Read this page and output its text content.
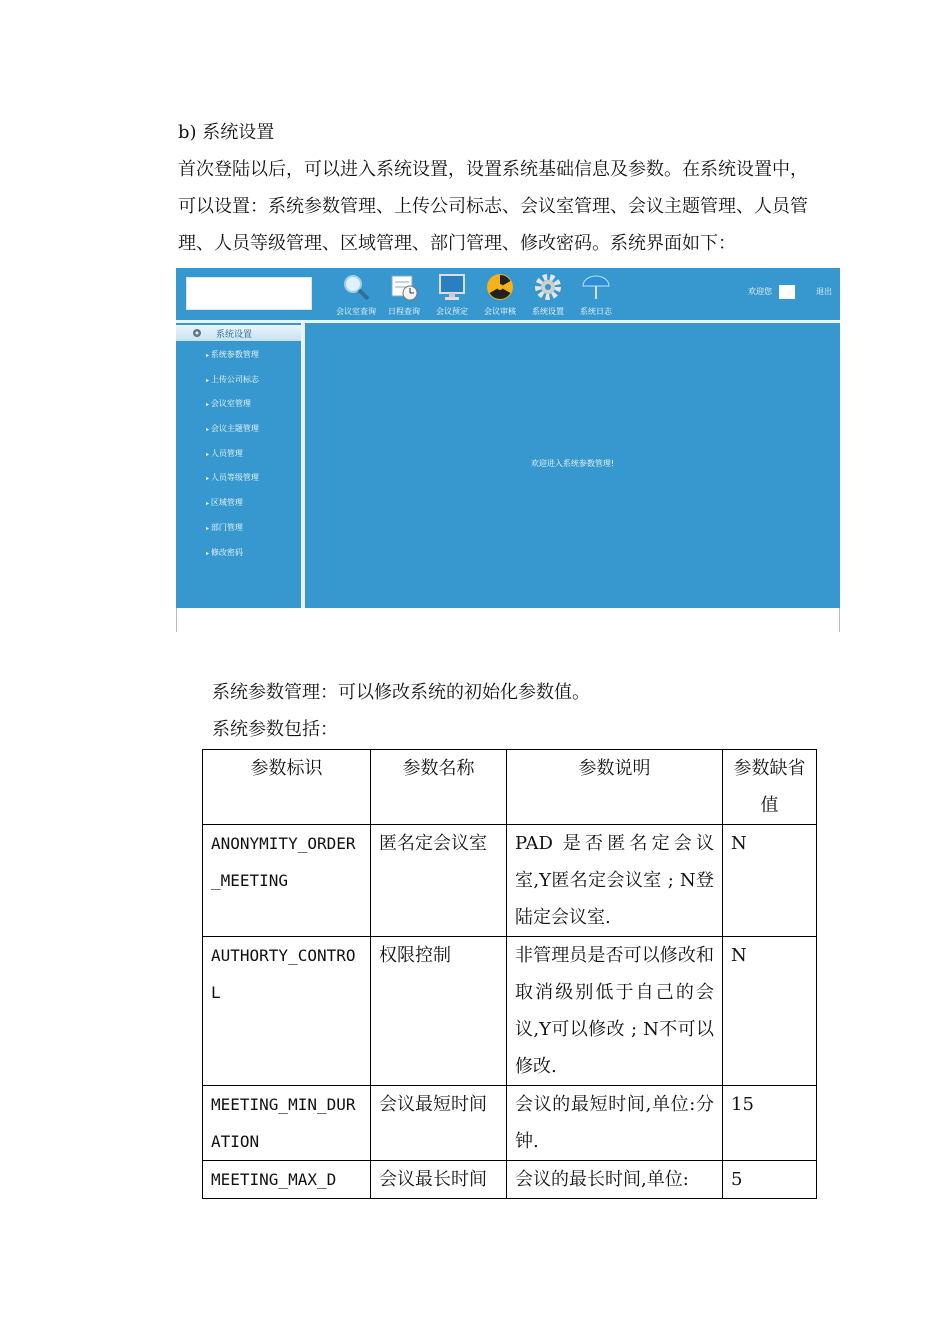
b) 系统设置
首次登陆以后，可以进入系统设置，设置系统基础信息及参数。在系统设置中，可以设置：系统参数管理、上传公司标志、会议室管理、会议主题管理、人员管理、人员等级管理、区域管理、部门管理、修改密码。系统界面如下：
会议室查询	日程查询	会议预定	会议审核	系统设置	系统日志
欢迎您	退出
系统设置
▸ 系统参数管理
▸ 上传公司标志
▸ 会议室管理
▸ 会议主题管理
▸ 人员管理
▸ 人员等级管理
▸ 区域管理
▸ 部门管理
▸ 修改密码
欢迎进入系统参数管理!
系统参数管理：可以修改系统的初始化参数值。
系统参数包括：
参数标识	参数名称	参数说明	参数缺省值
ANONYMITY_ORDER_MEETING	匿名定会议室	PAD 是否匿名定会议室,Y匿名定会议室 ; N登陆定会议室.	N
AUTHORTY_CONTROL	权限控制	非管理员是否可以修改和取消级别低于自己的会议,Y可以修改 ; N不可以修改.	N
MEETING_MIN_DURATION	会议最短时间	会议的最短时间,单位:分钟.	15
MEETING_MAX_D	会议最长时间	会议的最长时间,单位:	5
